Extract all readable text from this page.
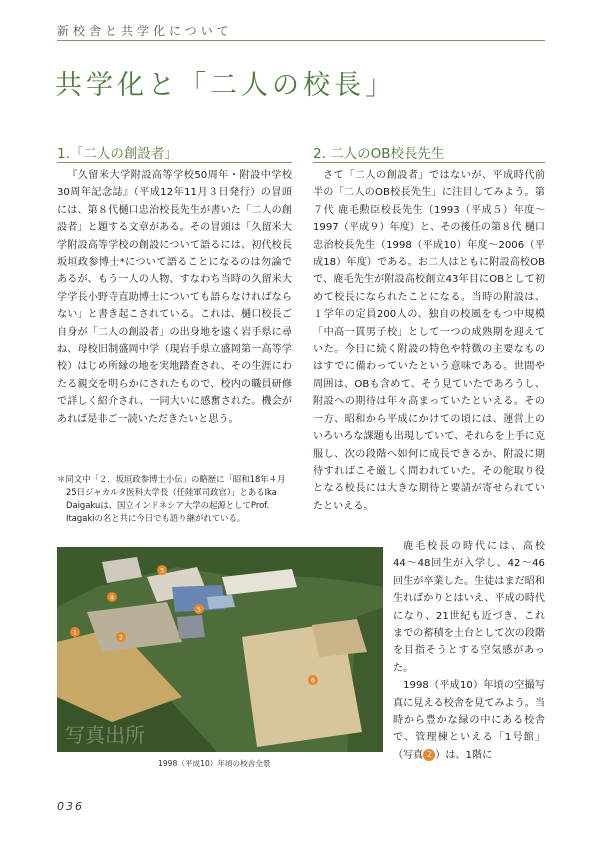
新校舎と共学化について
共学化と「二人の校長」
1.「二人の創設者」

『久留米大学附設高等学校50周年・附設中学校30周年記念誌』（平成12年11月３日発行）の冒頭には、第８代樋口忠治校長先生が書いた「二人の創設者」と題する文章がある。その冒頭は「久留米大学附設高等学校の創設について語るには、初代校長坂垣政参博士*について語ることになるのは勿論であるが、もう一人の人物、すなわち当時の久留米大学学長小野寺直助博士についても語らなければならない」と書き起こされている。これは、樋口校長ご自身が「二人の創設者」の出身地を遠く岩手県に尋ね、母校旧制盛岡中学（現岩手県立盛岡第一高等学校）はじめ所縁の地を実地踏査され、その生涯にわたる親交を明らかにされたもので、校内の職員研修で詳しく紹介され、一同大いに感奮された。機会があれば是非ご一読いただきたいと思う。

＊同文中「２．坂垣政参博士小伝」の略歴に「昭和18年４月25日ジャカルタ医科大学長（任陸軍司政官）」とあるIka Daigakuは、国立インドネシア大学の起源としてProf. Itagakiの名と共に今日でも語り継がれている。

2. 二人のOB校長先生

さて「二人の創設者」ではないが、平成時代前半の「二人のOB校長先生」に注目してみよう。第７代 鹿毛勲臣校長先生（1993（平成５）年度〜1997（平成９）年度）と、その後任の第８代 樋口忠治校長先生（1998（平成10）年度〜2006（平成18）年度）である。お二人はともに附設高校OBで、鹿毛先生が附設高校創立43年目にOBとして初めて校長になられたことになる。当時の附設は、１学年の定員200人の、独自の校風をもつ中規模「中高一貫男子校」として一つの成熟期を迎えていた。今日に続く附設の特色や特徴の主要なものはすでに備わっていたという意味である。世間や周囲は、OBも含めて、そう見ていたであろうし、附設への期待は年々高まっていたといえる。その一方、昭和から平成にかけての頃には、運営上のいろいろな課題も出現していて、それらを上手に克服し、次の段階へ如何に成長できるか、附設に期待すればこそ厳しく問われていた。その舵取り役となる校長には大きな期待と要請が寄せられていたといえる。

鹿毛校長の時代には、高校44〜48回生が入学し、42〜46回生が卒業した。生徒はまだ昭和生ればかりとはいえ、平成の時代になり、21世紀も近づき、これまでの蓄積を土台として次の段階を目指そうとする空気感があった。

1998（平成10）年頃の空撮写真に見える校舎を見てみよう。当時から豊かな緑の中にある校舎で、管理棟といえる「1号館」（写真 2 ）は、1階に

1
2
3
4
5
6
写真出所
1998（平成10）年頃の校舎全景
036
